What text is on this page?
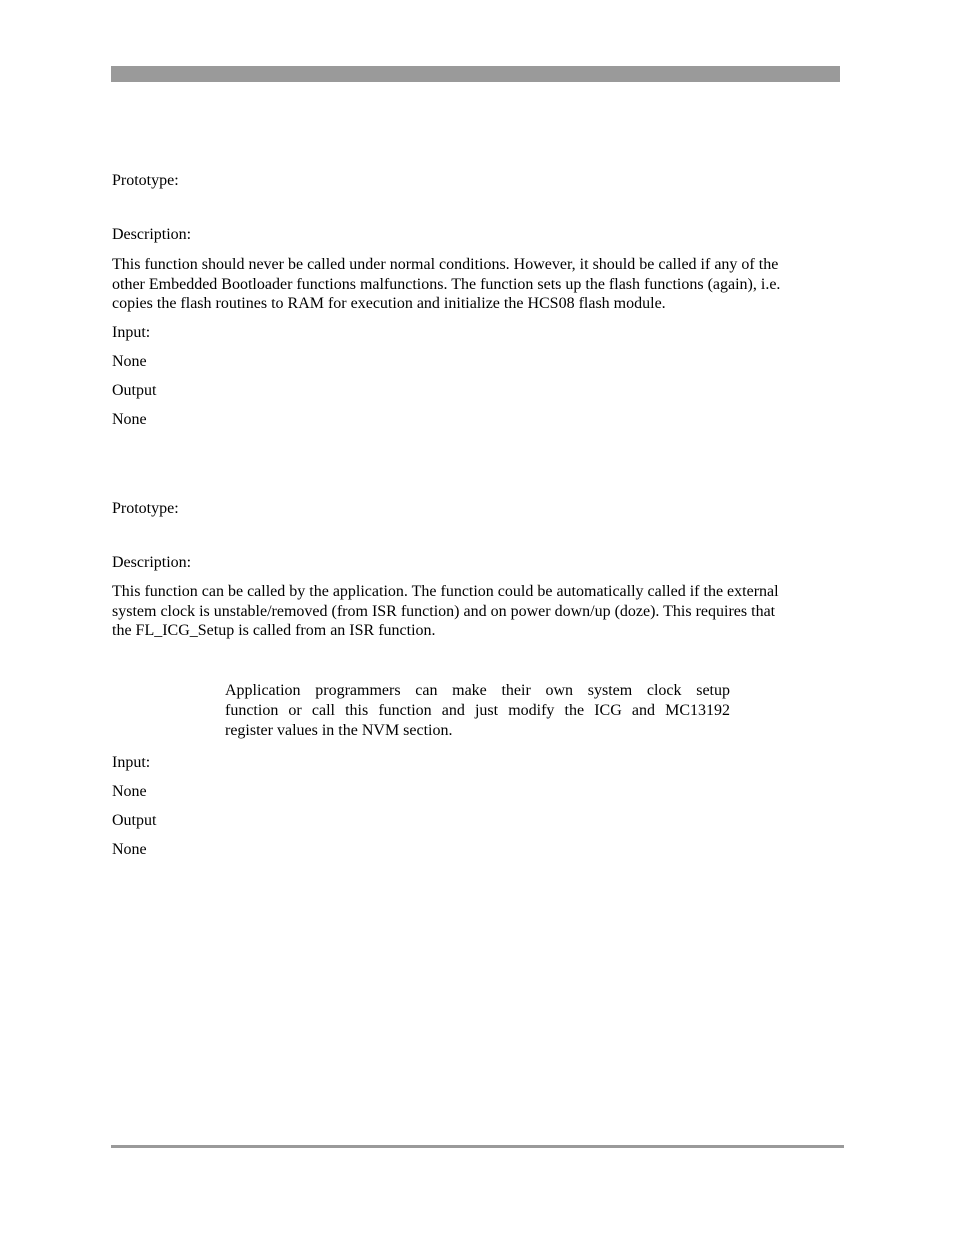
Prototype:
Description:
This function should never be called under normal conditions. However, it should be called if any of the
other Embedded Bootloader functions malfunctions. The function sets up the flash functions (again), i.e.
copies the flash routines to RAM for execution and initialize the HCS08 flash module.
Input:
None
Output
None
Prototype:
Description:
This function can be called by the application. The function could be automatically called if the external
system clock is unstable/removed (from ISR function) and on power down/up (doze). This requires that
the FL_ICG_Setup is called from an ISR function.
Application programmers can make their own system clock setup
function or call this function and just modify the ICG and MC13192
register values in the NVM section.
Input:
None
Output
None
